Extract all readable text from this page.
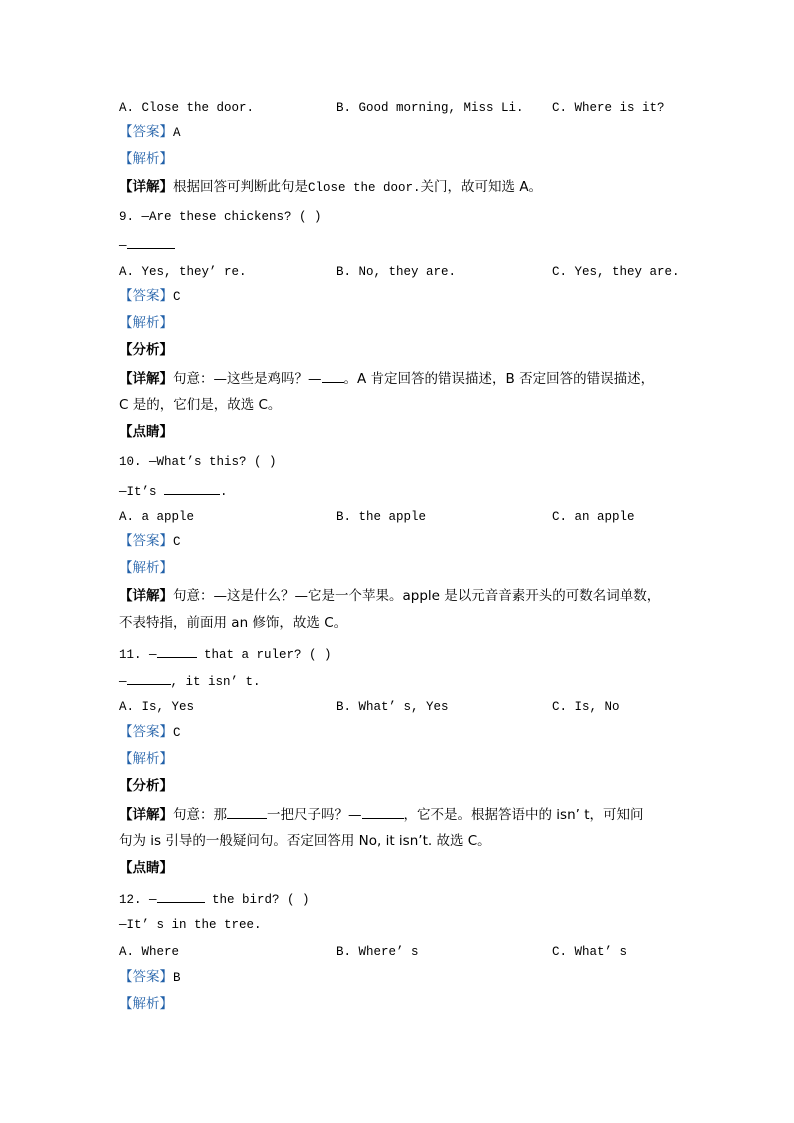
A. Close the door.	B. Good morning, Miss Li. C. Where is it?
【答案】A
【解析】
【详解】根据回答可判断此句是Close the door.关门，故可知选 A。
9. —Are these chickens? ( )
—
A. Yes, they’ re.	B. No, they are.	C. Yes, they are.
【答案】C
【解析】
【分析】
【详解】句意：—这些是鸡吗？— 。A 肯定回答的错误描述，B 否定回答的错误描述，
C 是的，它们是，故选 C。
【点睛】
10. —What’s this? ( )
—It’s	.
A. a apple	B. the apple	C. an apple
【答案】C
【解析】
【详解】句意：—这是什么？—它是一个苹果。apple 是以元音音素开头的可数名词单数，
不表特指，前面用 an 修饰，故选 C。
11. —	that a ruler? ( )
—	, it isn’ t.
A. Is, Yes	B. What’ s, Yes	C. Is, No
【答案】C
【解析】
【分析】
【详解】句意：那	一把尺子吗？—	，它不是。根据答语中的 isn’ t，可知问
句为 is 引导的一般疑问句。否定回答用 No, it isn’t. 故选 C。
【点睛】
12. —	the bird? ( )
—It’ s in the tree.
A. Where	B. Where’ s	C. What’ s
【答案】B
【解析】
